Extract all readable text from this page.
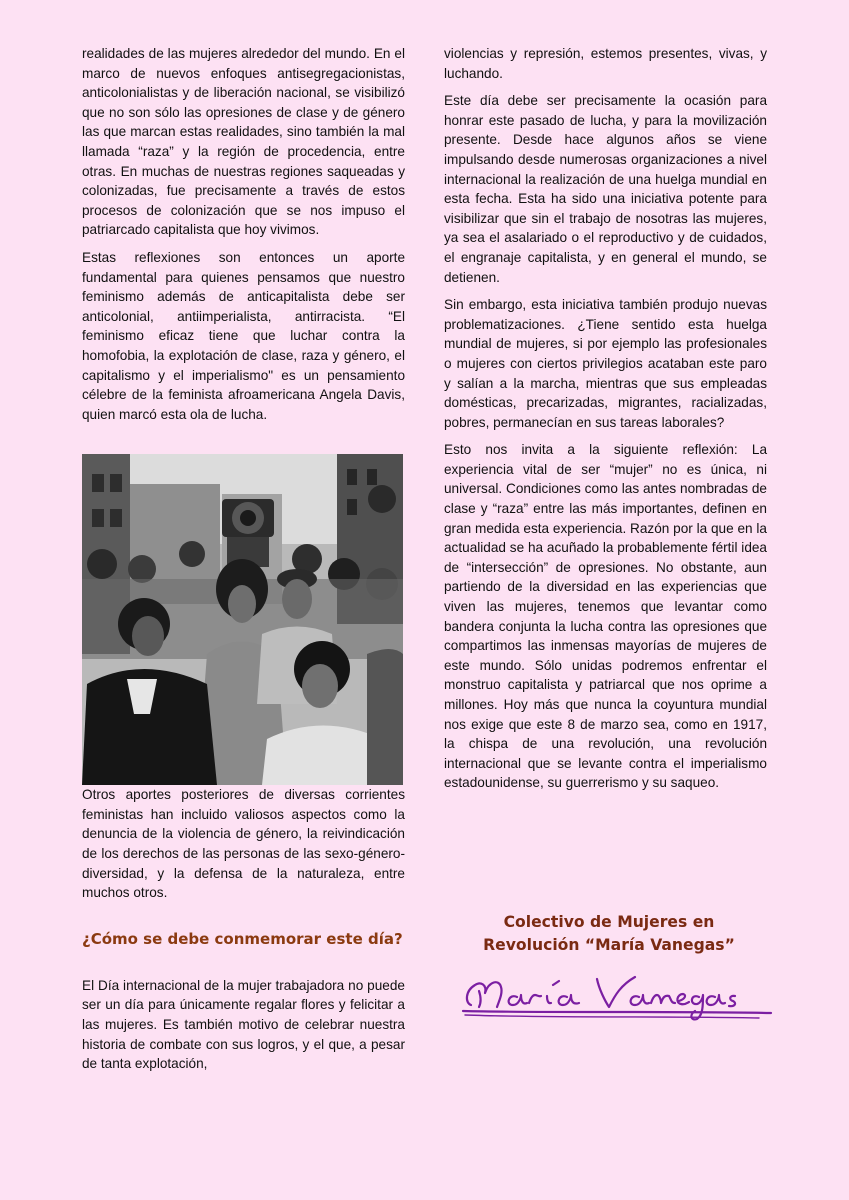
realidades de las mujeres alrededor del mundo. En el marco de nuevos enfoques antisegregacionistas, anticolonialistas y de liberación nacional, se visibilizó que no son sólo las opresiones de clase y de género las que marcan estas realidades, sino también la mal llamada “raza” y la región de procedencia, entre otras. En muchas de nuestras regiones saqueadas y colonizadas, fue precisamente a través de estos procesos de colonización que se nos impuso el patriarcado capitalista que hoy vivimos.

Estas reflexiones son entonces un aporte fundamental para quienes pensamos que nuestro feminismo además de anticapitalista debe ser anticolonial, antiimperialista, antirracista. “El feminismo eficaz tiene que luchar contra la homofobia, la explotación de clase, raza y género, el capitalismo y el imperialismo" es un pensamiento célebre de la feminista afroamericana Angela Davis, quien marcó esta ola de lucha.

Otros aportes posteriores de diversas corrientes feministas han incluido valiosos aspectos como la denuncia de la violencia de género, la reivindicación de los derechos de las personas de las sexo-género-diversidad, y la defensa de la naturaleza, entre muchos otros.

¿Cómo se debe conmemorar este día?

El Día internacional de la mujer trabajadora no puede ser un día para únicamente regalar flores y felicitar a las mujeres. Es también motivo de celebrar nuestra historia de combate con sus logros, y el que, a pesar de tanta explotación,

violencias y represión, estemos presentes, vivas, y luchando.

Este día debe ser precisamente la ocasión para honrar este pasado de lucha, y para la movilización presente. Desde hace algunos años se viene impulsando desde numerosas organizaciones a nivel internacional la realización de una huelga mundial en esta fecha. Esta ha sido una iniciativa potente para visibilizar que sin el trabajo de nosotras las mujeres, ya sea el asalariado o el reproductivo y de cuidados, el engranaje capitalista, y en general el mundo, se detienen.

Sin embargo, esta iniciativa también produjo nuevas problematizaciones. ¿Tiene sentido esta huelga mundial de mujeres, si por ejemplo las profesionales o mujeres con ciertos privilegios acataban este paro y salían a la marcha, mientras que sus empleadas domésticas, precarizadas, migrantes, racializadas, pobres, permanecían en sus tareas laborales?

Esto nos invita a la siguiente reflexión: La experiencia vital de ser “mujer” no es única, ni universal. Condiciones como las antes nombradas de clase y “raza” entre las más importantes, definen en gran medida esta experiencia. Razón por la que en la actualidad se ha acuñado la probablemente fértil idea de “intersección” de opresiones. No obstante, aun partiendo de la diversidad en las experiencias que viven las mujeres, tenemos que levantar como bandera conjunta la lucha contra las opresiones que compartimos las inmensas mayorías de mujeres de este mundo. Sólo unidas podremos enfrentar el monstruo capitalista y patriarcal que nos oprime a millones. Hoy más que nunca la coyuntura mundial nos exige que este 8 de marzo sea, como en 1917, la chispa de una revolución, una revolución internacional que se levante contra el imperialismo estadounidense, su guerrerismo y su saqueo.

Colectivo de Mujeres en

Revolución “María Vanegas”
